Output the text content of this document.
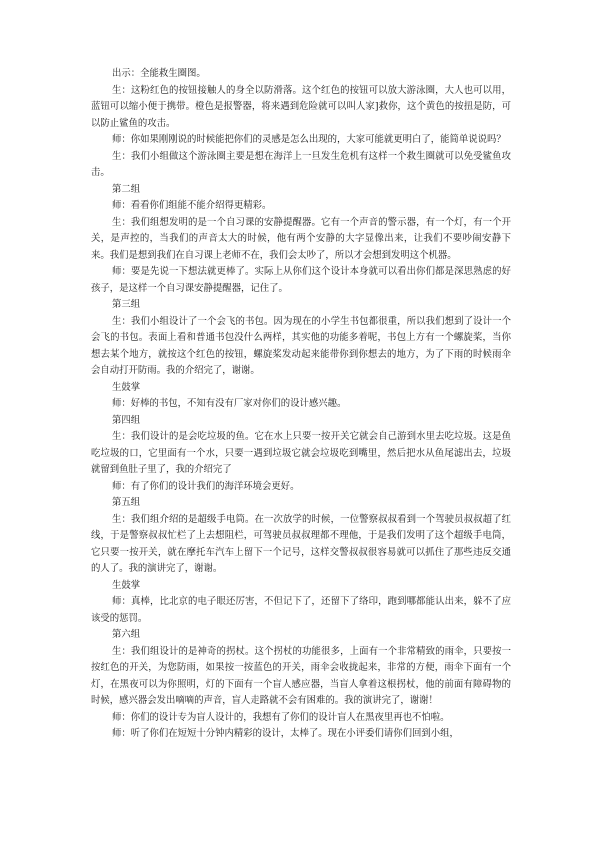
出示：全能救生圈图。

生：这粉红色的按钮接触人的身全以防滑落。这个红色的按钮可以放大游泳圈，大人也可以用，蓝钮可以缩小便于携带。橙色是报警器，将来遇到危险就可以叫人家]救你，这个黄色的按扭是防，可以防止鲨鱼的攻击。

师：你如果刚刚说的时候能把你们的灵感是怎么出现的，大家可能就更明白了，能简单说说吗？

生：我们小组做这个游泳圈主要是想在海洋上一旦发生危机有这样一个救生圈就可以免受鲨鱼攻击。

第二组

师：看看你们组能不能介绍得更精彩。

生：我们组想发明的是一个自习课的安静提醒器。它有一个声音的警示器，有一个灯，有一个开关，是声控的，当我们的声音太大的时候，他有两个安静的大字显像出来，让我们不要吵闹安静下来。我们是想到我们在自习课上老师不在，我们会太吵了，所以才会想到发明这个机器。

师：要是先说一下想法就更棒了。实际上从你们这个设计本身就可以看出你们都是深思熟虑的好孩子，是这样一个自习课安静提醒器，记住了。

第三组

生：我们小组设计了一个会飞的书包。因为现在的小学生书包都很重，所以我们想到了设计一个会飞的书包。表面上看和普通书包没什么两样，其实他的功能多着呢，书包上方有一个螺旋桨，当你想去某个地方，就按这个红色的按钮，螺旋桨发动起来能带你到你想去的地方，为了下雨的时候雨伞会自动打开防雨。我的介绍完了，谢谢。

生鼓掌

师：好棒的书包，不知有没有厂家对你们的设计感兴趣。

第四组

生：我们设计的是会吃垃圾的鱼。它在水上只要一按开关它就会自己游到水里去吃垃圾。这是鱼吃垃圾的口，它里面有一个水，只要一遇到垃圾它就会垃圾吃到嘴里，然后把水从鱼尾滤出去，垃圾就留到鱼肚子里了，我的介绍完了

师：有了你们的设计我们的海洋环境会更好。

第五组

生：我们组介绍的是超级手电筒。在一次放学的时候，一位警察叔叔看到一个驾驶员叔叔超了红线，于是警察叔叔忙栏了上去想阻栏，可驾驶员叔叔理都不理他，于是我们发明了这个超级手电筒，它只要一按开关，就在摩托车汽车上留下一个记号，这样交警叔叔很容易就可以抓住了那些违反交通的人了。我的演讲完了，谢谢。

生鼓掌

师：真棒，比北京的电子眼还厉害，不但记下了，还留下了络印，跑到哪都能认出来，躲不了应该受的惩罚。

第六组

生：我们组设计的是神奇的拐杖。这个拐杖的功能很多，上面有一个非常精致的雨伞，只要按一按红色的开关，为您防雨，如果按一按蓝色的开关，雨伞会收拢起来，非常的方便，雨伞下面有一个灯，在黑夜可以为你照明，灯的下面有一个盲人感应器，当盲人拿着这根拐杖，他的前面有障碍物的时候，感兴器会发出嘀嘀的声音，盲人走路就不会有困难的。我的演讲完了，谢谢！

师：你们的设计专为盲人设计的，我想有了你们的设计盲人在黑夜里再也不怕啦。

师：听了你们在短短十分钟内精彩的设计，太棒了。现在小评委们请你们回到小组，
